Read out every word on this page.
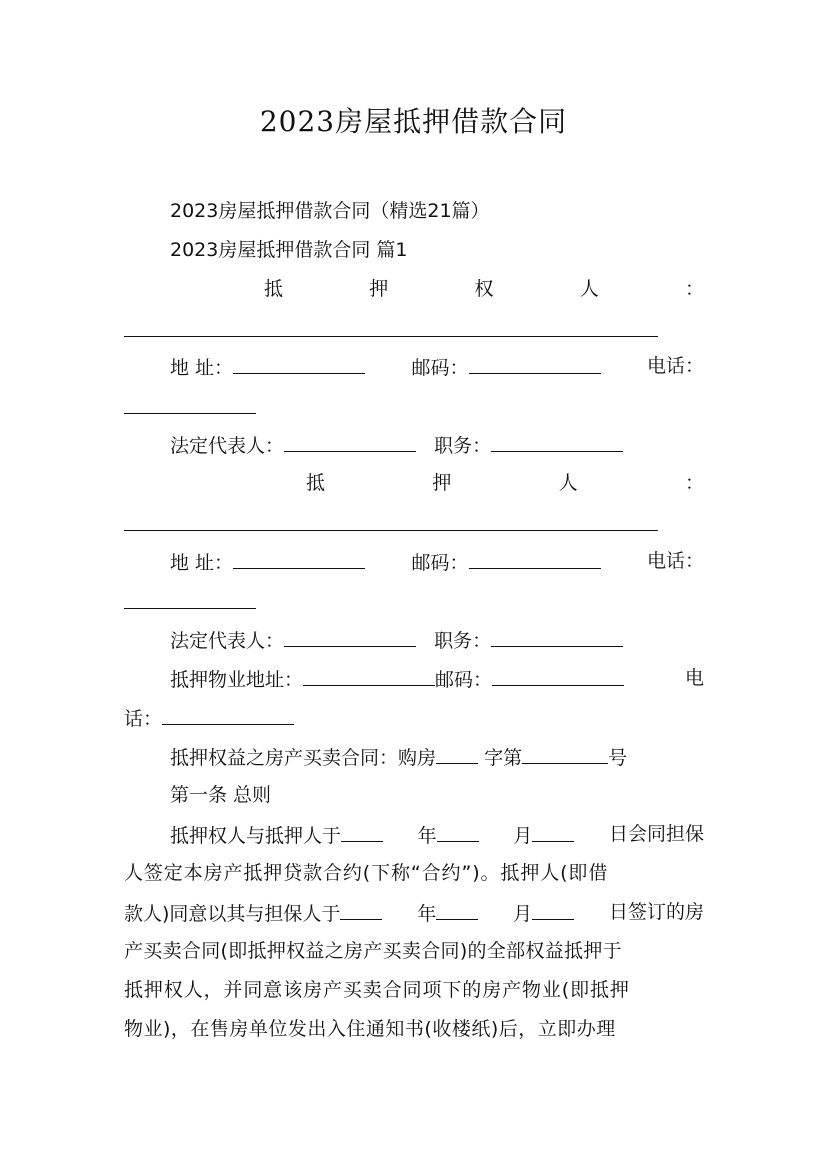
2023房屋抵押借款合同
2023房屋抵押借款合同（精选21篇）
2023房屋抵押借款合同 篇1
抵	押	权	人	：
地 址：	邮码：	电话：
法定代表人：	职务：
抵	押	人	：
地 址：	邮码：	电话：
法定代表人：	职务：
抵押物业地址：	邮码：	电
话：
抵押权益之房产买卖合同：购房	字第	号
第一条 总则
抵押权人与抵押人于	年	月	日会同担保
人签定本房产抵押贷款合约(下称“合约”)。抵押人(即借
款人)同意以其与担保人于	年	月	日签订的房
产买卖合同(即抵押权益之房产买卖合同)的全部权益抵押于
抵押权人，并同意该房产买卖合同项下的房产物业(即抵押
物业)，在售房单位发出入住通知书(收楼纸)后，立即办理
